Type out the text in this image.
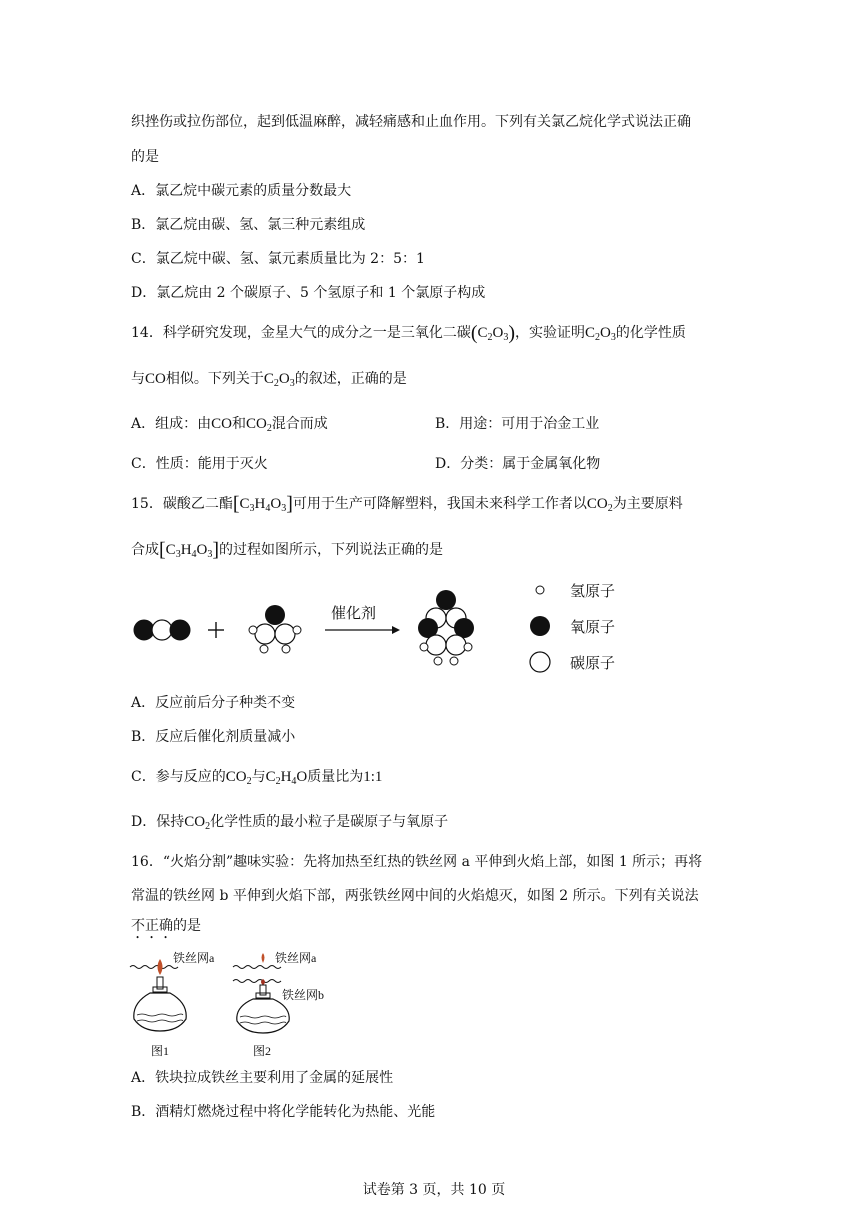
织挫伤或拉伤部位，起到低温麻醉，减轻痛感和止血作用。下列有关氯乙烷化学式说法正确
的是
A．氯乙烷中碳元素的质量分数最大
B．氯乙烷由碳、氢、氯三种元素组成
C．氯乙烷中碳、氢、氯元素质量比为 2：5：1
D．氯乙烷由 2 个碳原子、5 个氢原子和 1 个氯原子构成
14．科学研究发现，金星大气的成分之一是三氧化二碳$(C_2O_3)$，实验证明$C_2O_3$的化学性质
与CO相似。下列关于$C_2O_3$的叙述，正确的是
A．组成：由CO和$CO_2$混合而成	B．用途：可用于冶金工业
C．性质：能用于灭火	D．分类：属于金属氧化物
15．碳酸乙二酯$[C_3H_4O_3]$可用于生产可降解塑料，我国未来科学工作者以$CO_2$为主要原料
合成$[C_3H_4O_3]$的过程如图所示，下列说法正确的是
催化剂
氢原子
氧原子
碳原子
A．反应前后分子种类不变
B．反应后催化剂质量减小
C．参与反应的$CO_2$与$C_2H_4O$质量比为1:1
D．保持$CO_2$化学性质的最小粒子是碳原子与氧原子
16．“火焰分割”趣味实验：先将加热至红热的铁丝网 a 平伸到火焰上部，如图 1 所示；再将
常温的铁丝网 b 平伸到火焰下部，两张铁丝网中间的火焰熄灭，如图 2 所示。下列有关说法
不正确的是
铁丝网a
图1
铁丝网a
铁丝网b
图2
A．铁块拉成铁丝主要利用了金属的延展性
B．酒精灯燃烧过程中将化学能转化为热能、光能
试卷第 3 页，共 10 页
